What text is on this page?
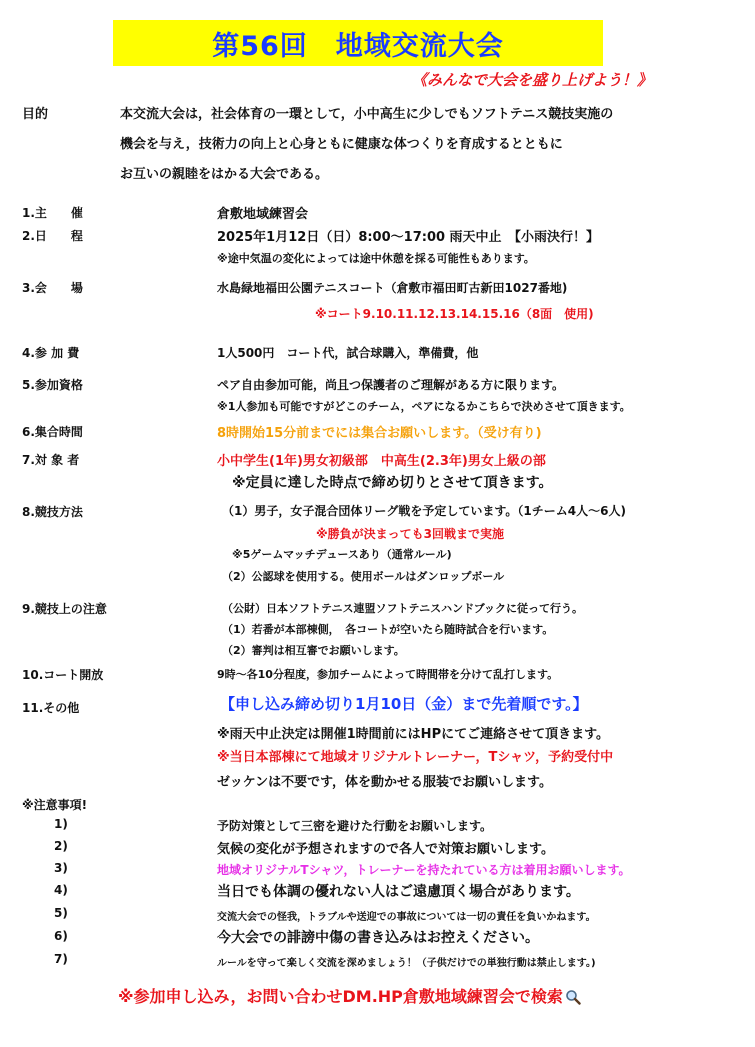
第56回　地域交流大会
《みんなで大会を盛り上げよう！》
目的	本交流大会は，社会体育の一環として，小中高生に少しでもソフトテニス競技実施の
機会を与え，技術力の向上と心身ともに健康な体つくりを育成するとともに
お互いの親睦をはかる大会である。
1.主　　催	倉敷地域練習会
2.日　　程	2025年1月12日（日）8:00〜17:00 雨天中止　【小雨決行！】
※途中気温の変化によっては途中休憩を採る可能性もあります。
3.会　　場	水島緑地福田公園テニスコート（倉敷市福田町古新田1027番地)
※コート9.10.11.12.13.14.15.16（8面　使用)
4.参 加 費	1人500円　コート代，試合球購入，準備費，他
5.参加資格	ペア自由参加可能，尚且つ保護者のご理解がある方に限ります。
※1人参加も可能ですがどこのチーム，ペアになるかこちらで決めさせて頂きます。
6.集合時間	8時開始15分前までには集合お願いします。（受け有り)
7.対 象 者	小中学生(1年)男女初級部　中高生(2.3年)男女上級の部
※定員に達した時点で締め切りとさせて頂きます。
8.競技方法	（1）男子，女子混合団体リーグ戦を予定しています。（1チーム4人〜6人)
※勝負が決まっても3回戦まで実施
※5ゲームマッチデュースあり（通常ルール)
（2）公認球を使用する。使用ボールはダンロップボール
9.競技上の注意	（公財）日本ソフトテニス連盟ソフトテニスハンドブックに従って行う。
（1）若番が本部棟側，　各コートが空いたら随時試合を行います。
（2）審判は相互審でお願いします。
10.コート開放	9時〜各10分程度，参加チームによって時間帯を分けて乱打します。
11.その他	【申し込み締め切り1月10日（金）まで先着順です。】
※雨天中止決定は開催1時間前にはHPにてご連絡させて頂きます。
※当日本部棟にて地域オリジナルトレーナー，Tシャツ，予約受付中
ゼッケンは不要です，体を動かせる服装でお願いします。
※注意事項!
1)	予防対策として三密を避けた行動をお願いします。
2)	気候の変化が予想されますので各人で対策お願いします。
3)	地域オリジナルTシャツ，トレーナーを持たれている方は着用お願いします。
4)	当日でも体調の優れない人はご遠慮頂く場合があります。
5)	交流大会での怪我，トラブルや送迎での事故については一切の責任を負いかねます。
6)	今大会での誹謗中傷の書き込みはお控えください。
7)	ルールを守って楽しく交流を深めましょう！（子供だけでの単独行動は禁止します。)
※参加申し込み，お問い合わせDM.HP倉敷地域練習会で検索
